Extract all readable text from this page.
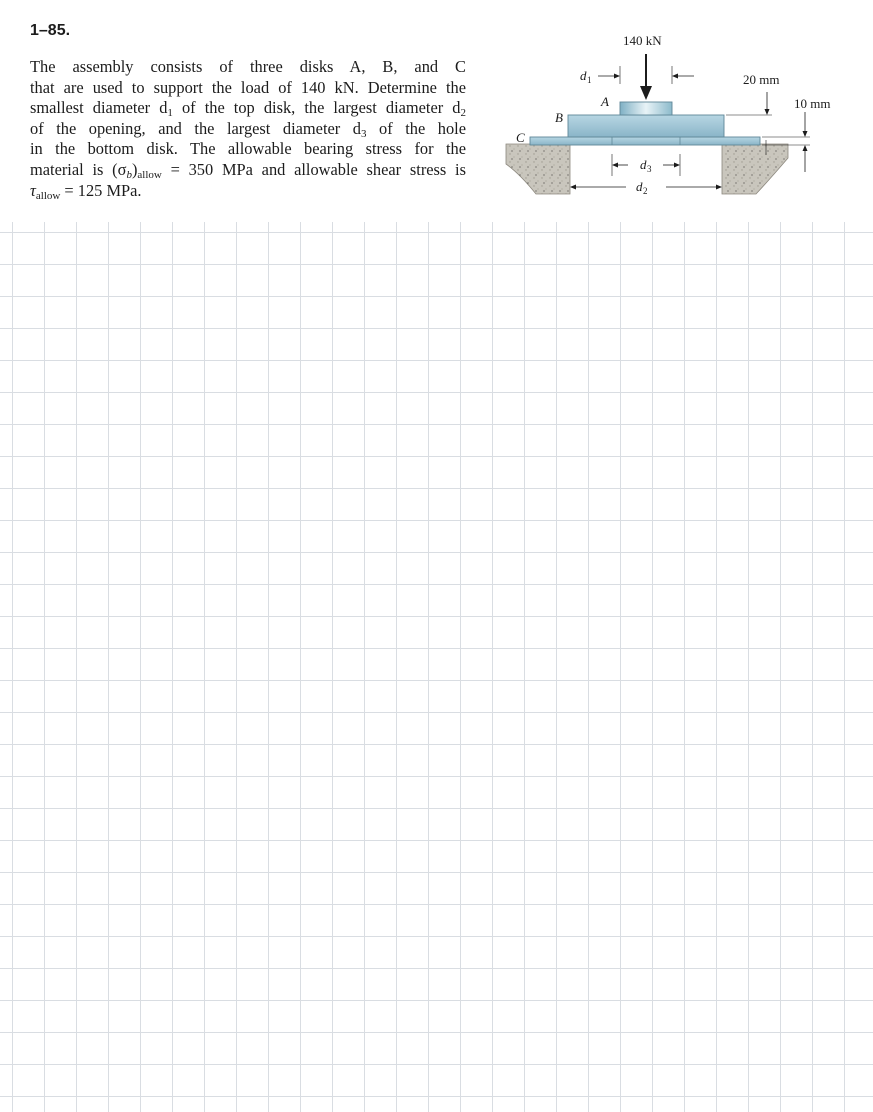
1–85.
The assembly consists of three disks A, B, and C
that are used to support the load of 140 kN. Determine the
smallest diameter $d_1$ of the top disk, the largest diameter $d_2$
of the opening, and the largest diameter $d_3$ of the hole
in the bottom disk. The allowable bearing stress for the
material is $(\sigma_b)_{allow} = 350$ MPa and allowable shear stress is
$\tau_{allow} = 125$ MPa.
140 kN
d 1
A
B
C
d 3
d 2
20 mm
10 mm
